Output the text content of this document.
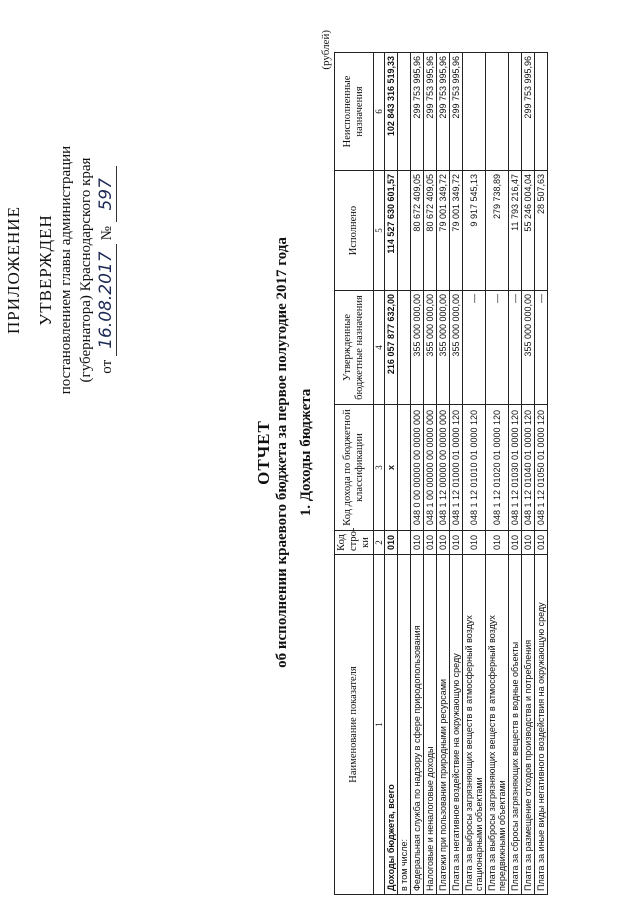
ПРИЛОЖЕНИЕ УТВЕРЖДЕН постановлением главы администрации (губернатора) Краснодарского края от 16.08.2017 № 597
ОТЧЕТ об исполнении краевого бюджета за первое полугодие 2017 года 1. Доходы бюджета
(рублей)
Наименование показателя	Код стро-ки	Код дохода по бюджетной классификации	Утвержденные бюджетные назначения	Исполнено	Неисполненные назначения
1	2	3	4	5	6
Доходы бюджета, всего	010	x	216 057 877 632,00	114 527 630 601,57	102 843 316 519,33
в том числе:					
Федеральная служба по надзору в сфере природопользования	010	048 0 00 00000 00 0000 000	355 000 000,00	80 672 409,05	299 753 995,96
Налоговые и неналоговые доходы	010	048 1 00 00000 00 0000 000	355 000 000,00	80 672 409,05	299 753 995,96
Платежи при пользовании природными ресурсами	010	048 1 12 00000 00 0000 000	355 000 000,00	79 001 349,72	299 753 995,96
Плата за негативное воздействие на окружающую среду	010	048 1 12 01000 01 0000 120	355 000 000,00	79 001 349,72	299 753 995,96
Плата за выбросы загрязняющих веществ в атмосферный воздух стационарными объектами	010	048 1 12 01010 01 0000 120	—	9 917 545,13	
Плата за выбросы загрязняющих веществ в атмосферный воздух передвижными объектами	010	048 1 12 01020 01 0000 120	—	279 738,89	
Плата за сбросы загрязняющих веществ в водные объекты	010	048 1 12 01030 01 0000 120	—	11 793 216,47	
Плата за размещение отходов производства и потребления	010	048 1 12 01040 01 0000 120	355 000 000,00	55 246 004,04	299 753 995,96
Плата за иные виды негативного воздействия на окружающую среду	010	048 1 12 01050 01 0000 120	—	28 507,63	
